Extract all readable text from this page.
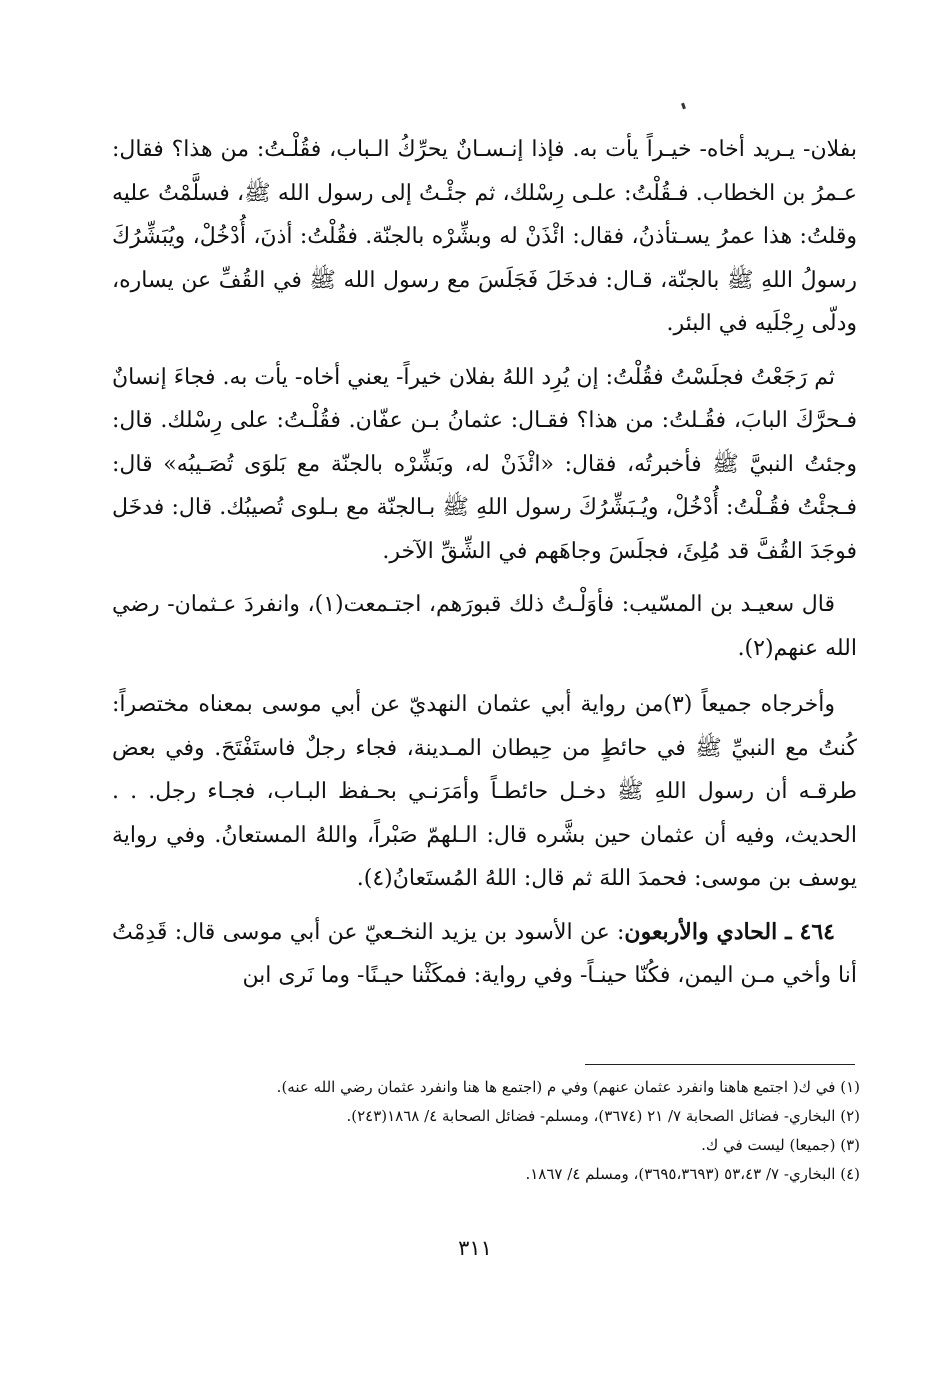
بفلان- يـريد أخاه- خيـراً يأت به. فإذا إنـسـانٌ يحرِّكُ الـباب، فقُلْـتُ: من هذا؟ فقال: عـمرُ بن الخطاب. فـقُلْتُ: علـى رِسْلك، ثم جئْـتُ إلى رسول الله ﷺ، فسلَّمْتُ عليه وقلتُ: هذا عمرُ يسـتأذنُ، فقال: ائْذَنْ له وبشِّرْه بالجنّة. فقُلْتُ: أذنَ، أُدْخُلْ، ويُبَشِّرُكَ رسولُ اللهِ ﷺ بالجنّة، قـال: فدخَلَ فَجَلَسَ مع رسول الله ﷺ في القُفِّ عن يساره، ودلّى رِجْلَيه في البئر.

ثم رَجَعْتُ فجلَسْتُ فقُلْتُ: إن يُرِد اللهُ بفلان خيراً- يعني أخاه- يأت به. فجاءَ إنسانٌ فـحرَّكَ البابَ، فقُـلتُ: من هذا؟ فقـال: عثمانُ بـن عفّان. فقُلْـتُ: على رِسْلك. قال: وجئتُ النبيَّ ﷺ فأخبرتُه، فقال: «ائْذَنْ له، وبَشِّرْه بالجنّة مع بَلوَى تُصَـيبُه» قال: فـجئْتُ فقُـلْتُ: أُدْخُلْ، ويُـبَشِّرُكَ رسول اللهِ ﷺ بـالجنّة مع بـلوى تُصيبُك. قال: فدخَل فوجَدَ القُفَّ قد مُلِئَ، فجلَسَ وجاهَهم في الشِّقِّ الآخر.

قال سعيـد بن المسّيب: فأوَلْـتُ ذلك قبورَهم، اجتـمعت(١)، وانفردَ عـثمان- رضي الله عنهم(٢).

وأخرجاه جميعاً (٣)من رواية أبي عثمان النهديّ عن أبي موسى بمعناه مختصراً: كُنتُ مع النبيِّ ﷺ في حائطٍ من حِيطان المـدينة، فجاء رجلٌ فاستَفْتَحَ. وفي بعض طرقـه أن رسول اللهِ ﷺ دخـل حائطـاً وأمَرَنـي بحـفظ البـاب، فجـاء رجل. . . الحديث، وفيه أن عثمان حين بشَّره قال: الـلهمّ صَبْراً، واللهُ المستعانُ. وفي رواية يوسف بن موسى: فحمدَ اللهَ ثم قال: اللهُ المُستَعانُ(٤).

٤٦٤ ـ الحادي والأربعون: عن الأسود بن يزيد النخـعيّ عن أبي موسى قال: قَدِمْتُ أنا وأخي مـن اليمن، فكُنّا حينـاً- وفي رواية: فمكَثْنا حيـنًا- وما نَرى ابن

(١) في ك( اجتمع هاهنا وانفرد عثمان عنهم) وفي م (اجتمع ها هنا وانفرد عثمان رضي الله عنه).

(٢) البخاري- فضائل الصحابة ٧/ ٢١ (٣٦٧٤)، ومسلم- فضائل الصحابة ٤/ ١٨٦٨(٢٤٣).

(٣) (جميعا) ليست في ك.

(٤) البخاري- ٧/ ٥٣،٤٣ (٣٦٩٥،٣٦٩٣)، ومسلم ٤/ ١٨٦٧.

٣١١
